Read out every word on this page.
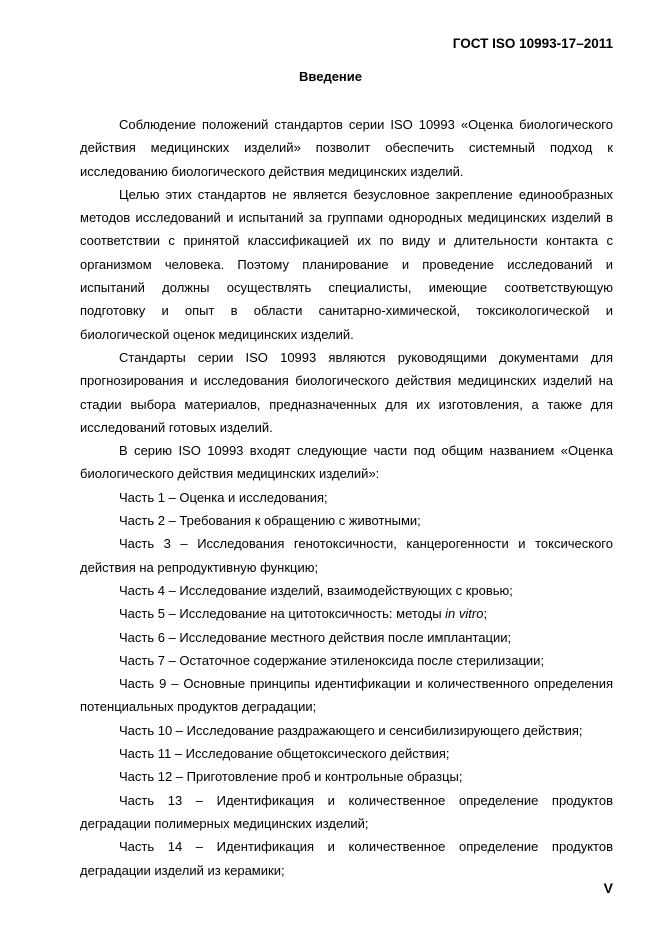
ГОСТ ISO 10993-17–2011
Введение

Соблюдение положений стандартов серии ISO 10993 «Оценка биологического действия медицинских изделий» позволит обеспечить системный подход к исследованию биологического действия медицинских изделий.

Целью этих стандартов не является безусловное закрепление единообразных методов исследований и испытаний за группами однородных медицинских изделий в соответствии с принятой классификацией их по виду и длительности контакта с организмом человека. Поэтому планирование и проведение исследований и испытаний должны осуществлять специалисты, имеющие соответствующую подготовку и опыт в области санитарно-химической, токсикологической и биологической оценок медицинских изделий.

Стандарты серии ISO 10993 являются руководящими документами для прогнозирования и исследования биологического действия медицинских изделий на стадии выбора материалов, предназначенных для их изготовления, а также для исследований готовых изделий.

В серию ISO 10993 входят следующие части под общим названием «Оценка биологического действия медицинских изделий»:

Часть 1 – Оценка и исследования;

Часть 2 – Требования к обращению с животными;

Часть 3 – Исследования генотоксичности, канцерогенности и токсического действия на репродуктивную функцию;

Часть 4 – Исследование изделий, взаимодействующих с кровью;

Часть 5 – Исследование на цитотоксичность: методы in vitro;

Часть 6 – Исследование местного действия после имплантации;

Часть 7 – Остаточное содержание этиленоксида после стерилизации;

Часть 9 – Основные принципы идентификации и количественного определения потенциальных продуктов деградации;

Часть 10 – Исследование раздражающего и сенсибилизирующего действия;

Часть 11 – Исследование общетоксического действия;

Часть 12 – Приготовление проб и контрольные образцы;

Часть 13 – Идентификация и количественное определение продуктов деградации полимерных медицинских изделий;

Часть 14 – Идентификация и количественное определение продуктов деградации изделий из керамики;

V
